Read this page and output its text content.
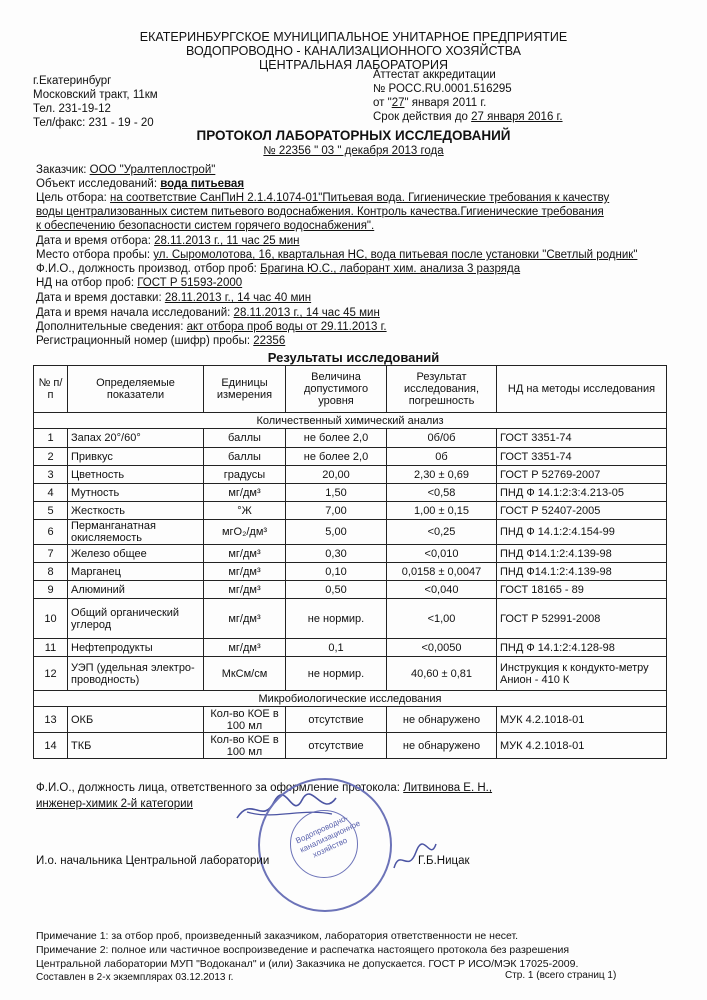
ЕКАТЕРИНБУРГСКОЕ МУНИЦИПАЛЬНОЕ УНИТАРНОЕ ПРЕДПРИЯТИЕ
ВОДОПРОВОДНО - КАНАЛИЗАЦИОННОГО ХОЗЯЙСТВА
ЦЕНТРАЛЬНАЯ ЛАБОРАТОРИЯ
г.Екатеринбург
Московский тракт, 11км
Тел. 231-19-12
Тел/факс: 231 - 19 - 20
Аттестат аккредитации
№ РОСС.RU.0001.516295
от "27" января 2011 г.
Срок действия до 27 января 2016 г.
ПРОТОКОЛ ЛАБОРАТОРНЫХ ИССЛЕДОВАНИЙ
№ 22356 " 03 " декабря 2013 года
Заказчик: ООО "Уралтеплострой"
Объект исследований: вода питьевая
Цель отбора: на соответствие СанПиН 2.1.4.1074-01"Питьевая вода. Гигиенические требования к качеству
воды централизованных систем питьевого водоснабжения. Контроль качества.Гигиенические требования
к обеспечению безопасности систем горячего водоснабжения".
Дата и время отбора: 28.11.2013 г., 11 час 25 мин
Место отбора пробы: ул. Сыромолотова, 16, квартальная НС, вода питьевая после установки "Светлый родник"
Ф.И.О., должность производ. отбор проб: Брагина Ю.С., лаборант хим. анализа 3 разряда
НД на отбор проб: ГОСТ Р 51593-2000
Дата и время доставки: 28.11.2013 г., 14 час 40 мин
Дата и время начала исследований: 28.11.2013 г., 14 час 45 мин
Дополнительные сведения: акт отбора проб воды от 29.11.2013 г.
Регистрационный номер (шифр) пробы: 22356
Результаты исследований
№ п/п	Определяемые показатели	Единицы измерения	Величина допустимого уровня	Результат исследования, погрешность	НД на методы исследования
Количественный химический анализ					
1	Запах 20°/60°	баллы	не более 2,0	0б/0б	ГОСТ 3351-74
2	Привкус	баллы	не более 2,0	0б	ГОСТ 3351-74
3	Цветность	градусы	20,00	2,30 ± 0,69	ГОСТ Р 52769-2007
4	Мутность	мг/дм³	1,50	<0,58	ПНД Ф 14.1:2:3:4.213-05
5	Жесткость	°Ж	7,00	1,00 ± 0,15	ГОСТ Р 52407-2005
6	Перманганатная окисляемость	мгО₂/дм³	5,00	<0,25	ПНД Ф 14.1:2:4.154-99
7	Железо общее	мг/дм³	0,30	<0,010	ПНД Ф14.1:2:4.139-98
8	Марганец	мг/дм³	0,10	0,0158 ± 0,0047	ПНД Ф14.1:2:4.139-98
9	Алюминий	мг/дм³	0,50	<0,040	ГОСТ 18165 - 89
10	Общий органический углерод	мг/дм³	не нормир.	<1,00	ГОСТ Р 52991-2008
11	Нефтепродукты	мг/дм³	0,1	<0,0050	ПНД Ф 14.1:2:4.128-98
12	УЭП (удельная электро-проводность)	МкСм/см	не нормир.	40,60 ± 0,81	Инструкция к кондукто-метру Анион - 410 К
Микробиологические исследования					
13	ОКБ	Кол-во КОЕ в 100 мл	отсутствие	не обнаружено	МУК 4.2.1018-01
14	ТКБ	Кол-во КОЕ в 100 мл	отсутствие	не обнаружено	МУК 4.2.1018-01
Ф.И.О., должность лица, ответственного за оформление протокола: Литвинова Е. Н.,
инженер-химик 2-й категории
Водопроводно-канализационное хозяйство
И.о. начальника Центральной лаборатории	Г.Б.Ницак
Примечание 1: за отбор проб, произведенный заказчиком, лаборатория ответственности не несет.
Примечание 2: полное или частичное воспроизведение и распечатка настоящего протокола без разрешения
Центральной лаборатории МУП "Водоканал" и (или) Заказчика не допускается. ГОСТ Р ИСО/МЭК 17025-2009.
Составлен в 2-х экземплярах 03.12.2013 г.	Стр. 1 (всего страниц 1)
